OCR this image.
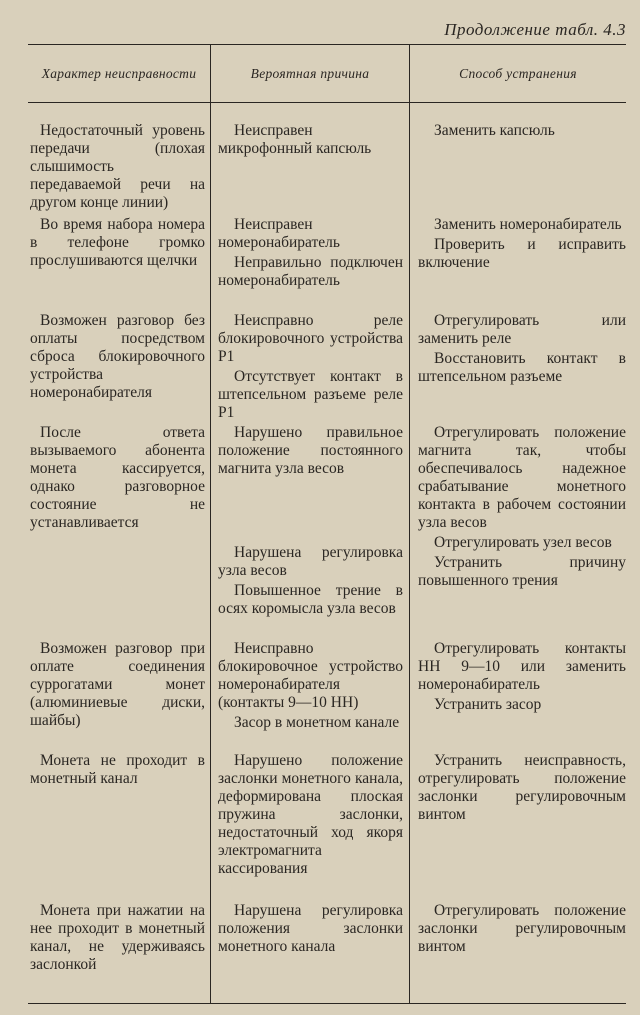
Продолжение табл. 4.3
Характер неисправности	Вероятная причина	Способ устранения
Недостаточный уровень передачи (плохая слышимость передаваемой речи на другом конце линии)
Неисправен микрофонный капсюль
Заменить капсюль
Во время набора номера в телефоне громко прослушиваются щелчки
Неисправен номеронабиратель
Неправильно подключен номеронабиратель
Заменить номеронабиратель
Проверить и исправить включение
Возможен разговор без оплаты посредством сброса блокировочного устройства номеронабирателя
Неисправно реле блокировочного устройства Р1
Отсутствует контакт в штепсельном разъеме реле Р1
Отрегулировать или заменить реле
Восстановить контакт в штепсельном разъеме
После ответа вызываемого абонента монета кассируется, однако разговорное состояние не устанавливается
Нарушено правильное положение постоянного магнита узла весов
Нарушена регулировка узла весов
Повышенное трение в осях коромысла узла весов
Отрегулировать положение магнита так, чтобы обеспечивалось надежное срабатывание монетного контакта в рабочем состоянии узла весов
Отрегулировать узел весов
Устранить причину повышенного трения
Возможен разговор при оплате соединения суррогатами монет (алюминиевые диски, шайбы)
Неисправно блокировочное устройство номеронабирателя (контакты 9—10 НН)
Засор в монетном канале
Отрегулировать контакты НН 9—10 или заменить номеронабиратель
Устранить засор
Монета не проходит в монетный канал
Нарушено положение заслонки монетного канала, деформирована плоская пружина заслонки, недостаточный ход якоря электромагнита кассирования
Устранить неисправность, отрегулировать положение заслонки регулировочным винтом
Монета при нажатии на нее проходит в монетный канал, не удерживаясь заслонкой
Нарушена регулировка положения заслонки монетного канала
Отрегулировать положение заслонки регулировочным винтом
